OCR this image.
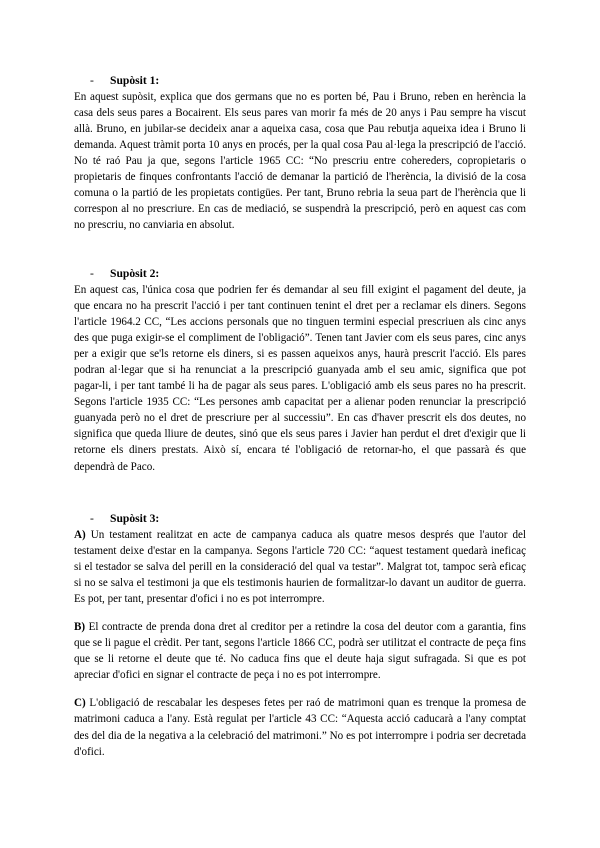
- Supòsit 1:

En aquest supòsit, explica que dos germans que no es porten bé, Pau i Bruno, reben en herència la casa dels seus pares a Bocairent. Els seus pares van morir fa més de 20 anys i Pau sempre ha viscut allà. Bruno, en jubilar-se decideix anar a aqueixa casa, cosa que Pau rebutja aqueixa idea i Bruno li demanda. Aquest tràmit porta 10 anys en procés, per la qual cosa Pau al·lega la prescripció de l'acció. No té raó Pau ja que, segons l'article 1965 CC: “No prescriu entre cohereders, copropietaris o propietaris de finques confrontants l'acció de demanar la partició de l'herència, la divisió de la cosa comuna o la partió de les propietats contigües. Per tant, Bruno rebria la seua part de l'herència que li correspon al no prescriure. En cas de mediació, se suspendrà la prescripció, però en aquest cas com no prescriu, no canviaria en absolut.

- Supòsit 2:

En aquest cas, l'única cosa que podrien fer és demandar al seu fill exigint el pagament del deute, ja que encara no ha prescrit l'acció i per tant continuen tenint el dret per a reclamar els diners. Segons l'article 1964.2 CC, “Les accions personals que no tinguen termini especial prescriuen als cinc anys des que puga exigir-se el compliment de l'obligació”. Tenen tant Javier com els seus pares, cinc anys per a exigir que se'ls retorne els diners, si es passen aqueixos anys, haurà prescrit l'acció. Els pares podran al·legar que si ha renunciat a la prescripció guanyada amb el seu amic, significa que pot pagar-li, i per tant també li ha de pagar als seus pares. L'obligació amb els seus pares no ha prescrit. Segons l'article 1935 CC: “Les persones amb capacitat per a alienar poden renunciar la prescripció guanyada però no el dret de prescriure per al successiu”. En cas d'haver prescrit els dos deutes, no significa que queda lliure de deutes, sinó que els seus pares i Javier han perdut el dret d'exigir que li retorne els diners prestats. Això sí, encara té l'obligació de retornar-ho, el que passarà és que dependrà de Paco.

- Supòsit 3:

A) Un testament realitzat en acte de campanya caduca als quatre mesos després que l'autor del testament deixe d'estar en la campanya. Segons l'article 720 CC: “aquest testament quedarà ineficaç si el testador se salva del perill en la consideració del qual va testar”. Malgrat tot, tampoc serà eficaç si no se salva el testimoni ja que els testimonis haurien de formalitzar-lo davant un auditor de guerra. Es pot, per tant, presentar d'ofici i no es pot interrompre.

B) El contracte de prenda dona dret al creditor per a retindre la cosa del deutor com a garantia, fins que se li pague el crèdit. Per tant, segons l'article 1866 CC, podrà ser utilitzat el contracte de peça fins que se li retorne el deute que té. No caduca fins que el deute haja sigut sufragada. Si que es pot apreciar d'ofici en signar el contracte de peça i no es pot interrompre.

C) L'obligació de rescabalar les despeses fetes per raó de matrimoni quan es trenque la promesa de matrimoni caduca a l'any. Està regulat per l'article 43 CC: “Aquesta acció caducarà a l'any comptat des del dia de la negativa a la celebració del matrimoni.” No es pot interrompre i podria ser decretada d'ofici.
